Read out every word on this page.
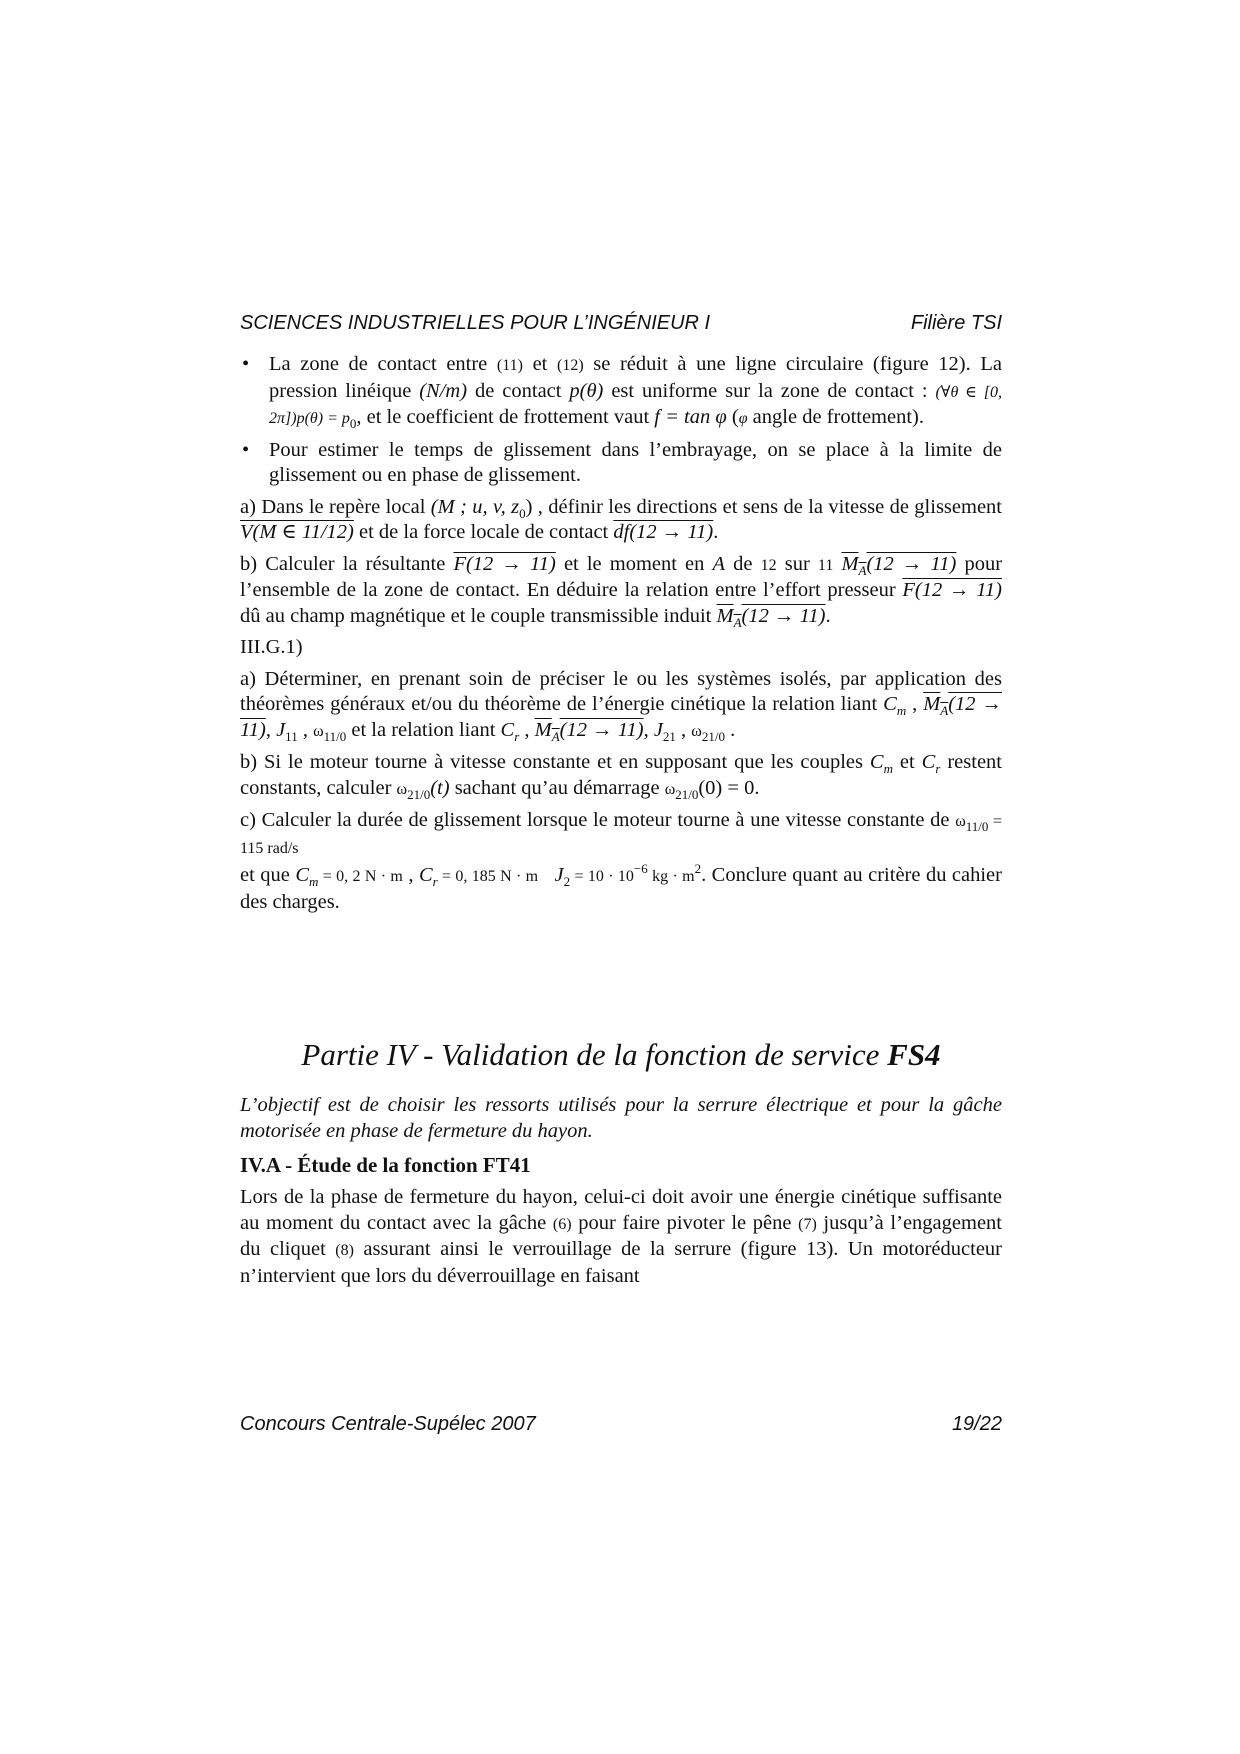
SCIENCES INDUSTRIELLES POUR L’INGÉNIEUR I	Filière TSI
• La zone de contact entre (11) et (12) se réduit à une ligne circulaire (figure 12). La pression linéique (N/m) de contact p(θ) est uniforme sur la zone de contact : (∀θ ∈ [0, $2\pi])p(\theta) = p_0$, et le coefficient de frottement vaut f = tan φ (φ angle de frottement).
• Pour estimer le temps de glissement dans l’embrayage, on se place à la limite de glissement ou en phase de glissement.

a) Dans le repère local (M ; u, v, $z_0$) , définir les directions et sens de la vitesse de glissement V(M ∈ 11/12) et de la force locale de contact df(12 → 11).

b) Calculer la résultante F(12 → 11) et le moment en A de 12 sur 11 $M_A(12 \to 11)$ pour l’ensemble de la zone de contact. En déduire la relation entre l’effort presseur F(12 → 11) dû au champ magnétique et le couple transmissible induit $M_A(12 \to 11)$.

III.G.1)

a) Déterminer, en prenant soin de préciser le ou les systèmes isolés, par application des théorèmes généraux et/ou du théorème de l’énergie cinétique la relation liant $C_m$ , $M_A(12 \to 11)$, $J_{11}$ , $\omega_{11/0}$ et la relation liant $C_r$ , $M_A(12 \to 11)$, $J_{21}$ , $\omega_{21/0}$ .

b) Si le moteur tourne à vitesse constante et en supposant que les couples $C_m$ et $C_r$ restent constants, calculer $\omega_{21/0}(t)$ sachant qu’au démarrage $\omega_{21/0}(0) = 0$.

c) Calculer la durée de glissement lorsque le moteur tourne à une vitesse constante de $\omega_{11/0} = 115$ rad/s

et que $C_m = 0$, 2 N · m , $C_r = 0$, 185 N · m $J_2 = 10 \cdot 10^{-6}$ kg · $m^2$. Conclure quant au critère du cahier des charges.

Partie IV - Validation de la fonction de service FS4
L’objectif est de choisir les ressorts utilisés pour la serrure électrique et pour la gâche motorisée en phase de fermeture du hayon.
IV.A - Étude de la fonction FT41
Lors de la phase de fermeture du hayon, celui-ci doit avoir une énergie cinétique suffisante au moment du contact avec la gâche (6) pour faire pivoter le pêne (7) jusqu’à l’engagement du cliquet (8) assurant ainsi le verrouillage de la serrure (figure 13). Un motoréducteur n’intervient que lors du déverrouillage en faisant
Concours Centrale-Supélec 2007	19/22
